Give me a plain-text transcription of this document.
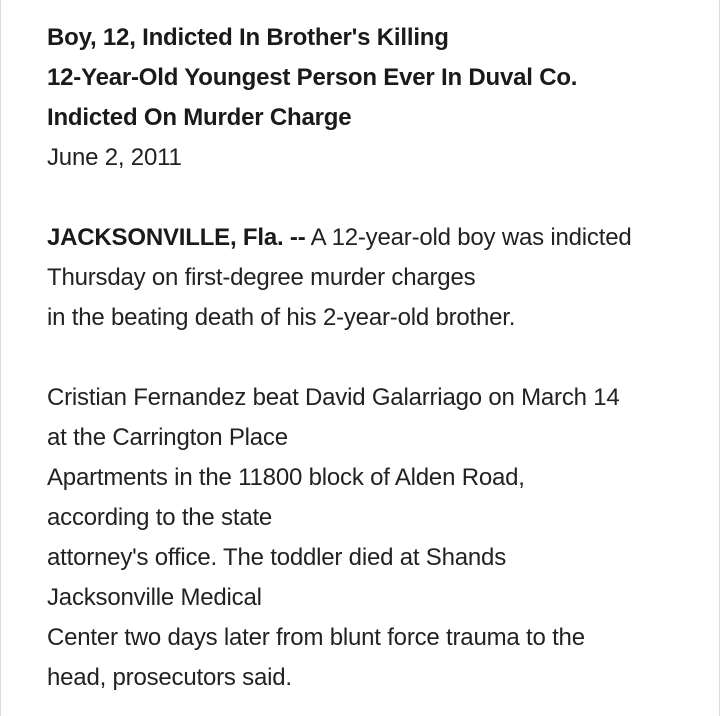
Boy, 12, Indicted In Brother's Killing
12-Year-Old Youngest Person Ever In Duval Co.
Indicted On Murder Charge
June 2, 2011
JACKSONVILLE, Fla. -- A 12-year-old boy was indicted
Thursday on first-degree murder charges
in the beating death of his 2-year-old brother.
Cristian Fernandez beat David Galarriago on March 14
at the Carrington Place
Apartments in the 11800 block of Alden Road,
according to the state
attorney's office. The toddler died at Shands
Jacksonville Medical
Center two days later from blunt force trauma to the
head, prosecutors said.
